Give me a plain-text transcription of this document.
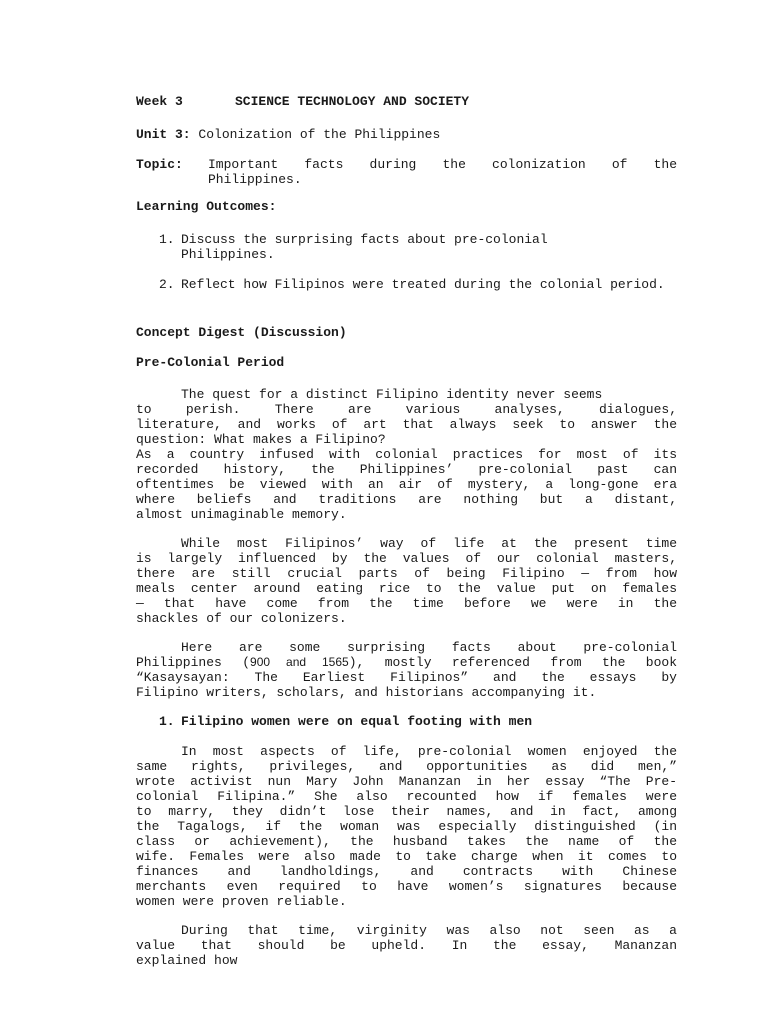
Week 3	SCIENCE TECHNOLOGY AND SOCIETY
Unit 3: Colonization of the Philippines
Topic:	Important facts during the colonization of the
Philippines.
Learning Outcomes:
1. Discuss the surprising facts about pre-colonial Philippines.
2. Reflect how Filipinos were treated during the colonial period.
Concept Digest (Discussion)
Pre-Colonial Period
The quest for a distinct Filipino identity never seems
to perish. There are various analyses, dialogues,
literature, and works of art that always seek to answer the
question: What makes a Filipino?
As a country infused with colonial practices for most of its
recorded history, the Philippines’ pre-colonial past can
oftentimes be viewed with an air of mystery, a long-gone era
where beliefs and traditions are nothing but a distant,
almost unimaginable memory.
While most Filipinos’ way of life at the present time
is largely influenced by the values of our colonial masters,
there are still crucial parts of being Filipino — from how
meals center around eating rice to the value put on females
— that have come from the time before we were in the
shackles of our colonizers.
Here are some surprising facts about pre-colonial
Philippines (900 and 1565), mostly referenced from the book
“Kasaysayan: The Earliest Filipinos” and the essays by
Filipino writers, scholars, and historians accompanying it.
1. Filipino women were on equal footing with men
In most aspects of life, pre-colonial women enjoyed the
same rights, privileges, and opportunities as did men,”
wrote activist nun Mary John Mananzan in her essay “The Pre-
colonial Filipina.” She also recounted how if females were
to marry, they didn’t lose their names, and in fact, among
the Tagalogs, if the woman was especially distinguished (in
class or achievement), the husband takes the name of the
wife. Females were also made to take charge when it comes to
finances and landholdings, and contracts with Chinese
merchants even required to have women’s signatures because
women were proven reliable.
During that time, virginity was also not seen as a
value that should be upheld. In the essay, Mananzan
explained how
